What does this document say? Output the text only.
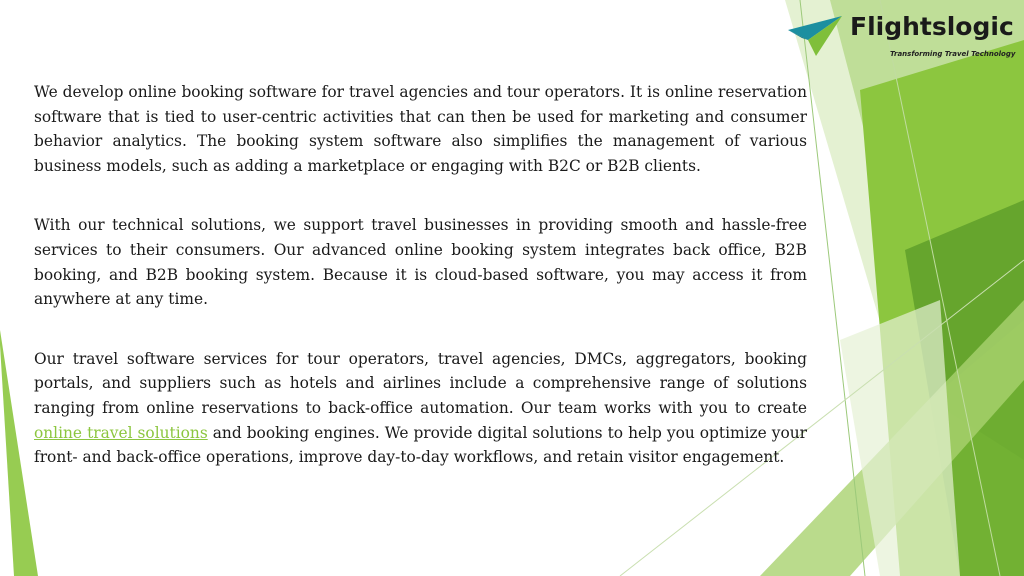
Flightslogic
Transforming Travel Technology

We develop online booking software for travel agencies and tour operators. It is online reservation software that is tied to user-centric activities that can then be used for marketing and consumer behavior analytics. The booking system software also simplifies the management of various business models, such as adding a marketplace or engaging with B2C or B2B clients.

With our technical solutions, we support travel businesses in providing smooth and hassle-free services to their consumers. Our advanced online booking system integrates back office, B2B booking, and B2B booking system. Because it is cloud-based software, you may access it from anywhere at any time.

Our travel software services for tour operators, travel agencies, DMCs, aggregators, booking portals, and suppliers such as hotels and airlines include a comprehensive range of solutions ranging from online reservations to back-office automation. Our team works with you to create online travel solutions and booking engines. We provide digital solutions to help you optimize your front- and back-office operations, improve day-to-day workflows, and retain visitor engagement.
